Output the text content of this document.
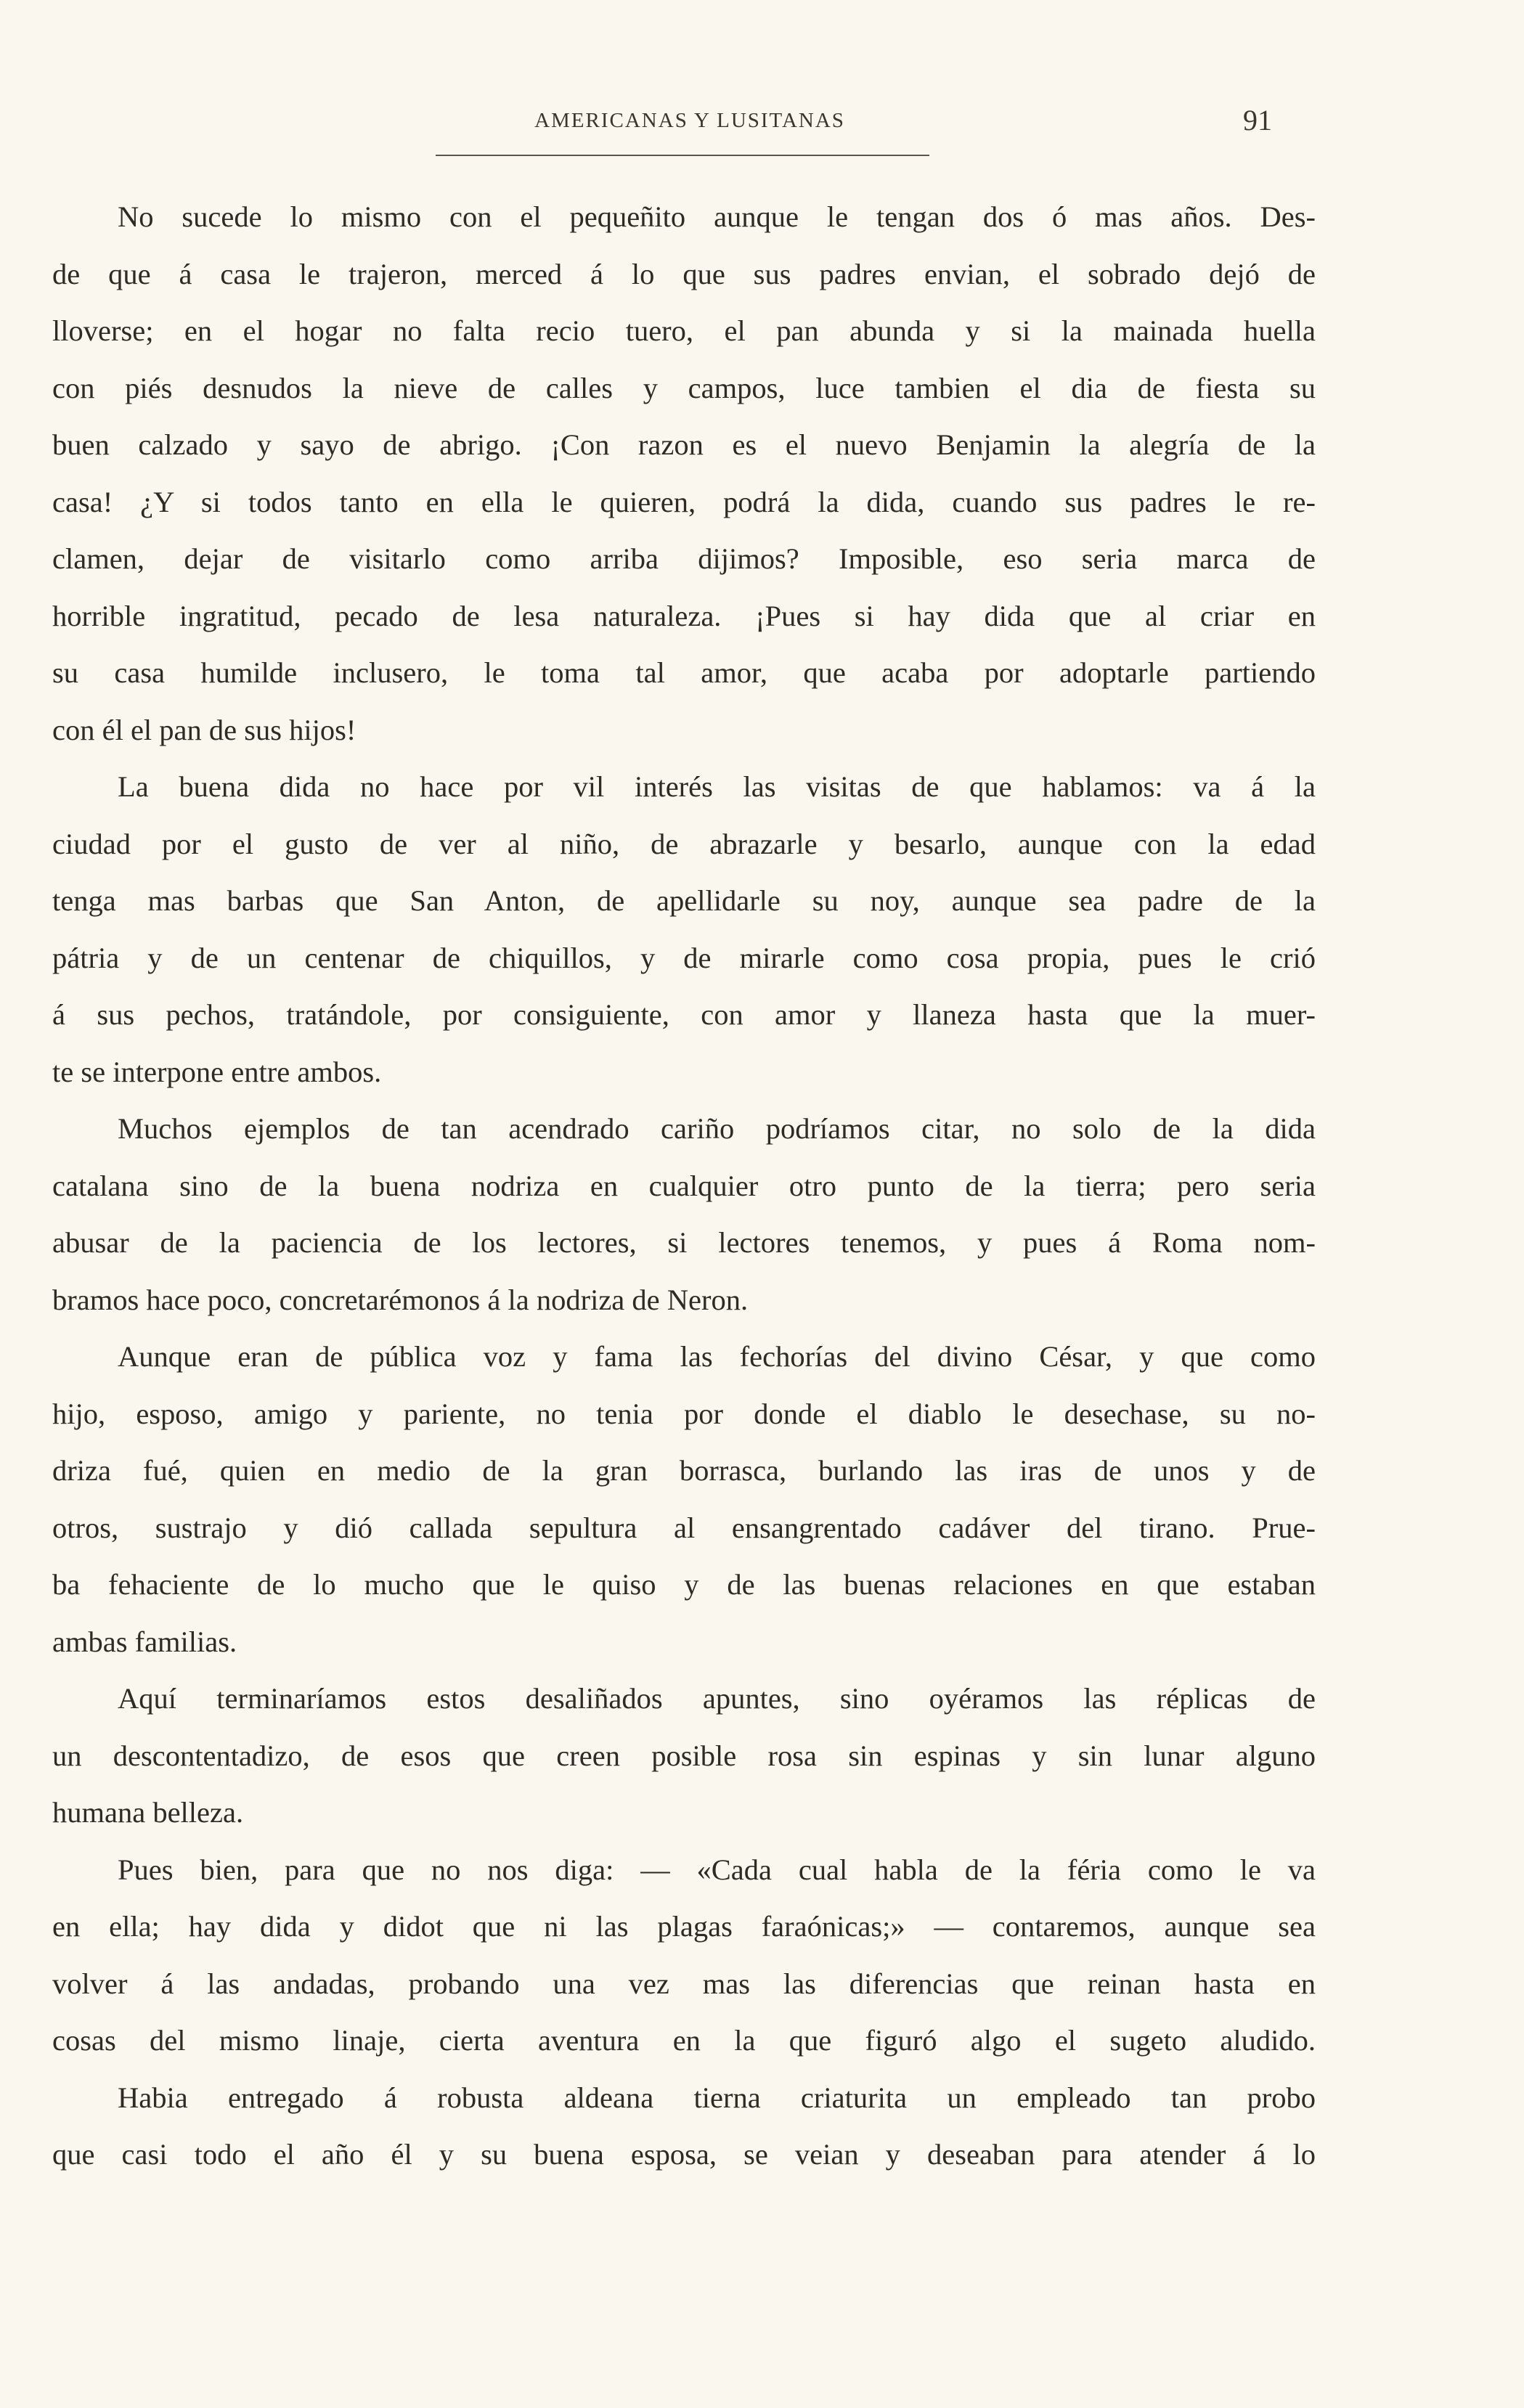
AMERICANAS Y LUSITANAS	91
No sucede lo mismo con el pequeñito aunque le tengan dos ó mas años. Des-
de que á casa le trajeron, merced á lo que sus padres envian, el sobrado dejó de
lloverse; en el hogar no falta recio tuero, el pan abunda y si la mainada huella
con piés desnudos la nieve de calles y campos, luce tambien el dia de fiesta su
buen calzado y sayo de abrigo. ¡Con razon es el nuevo Benjamin la alegría de la
casa! ¿Y si todos tanto en ella le quieren, podrá la dida, cuando sus padres le re-
clamen, dejar de visitarlo como arriba dijimos? Imposible, eso seria marca de
horrible ingratitud, pecado de lesa naturaleza. ¡Pues si hay dida que al criar en
su casa humilde inclusero, le toma tal amor, que acaba por adoptarle partiendo
con él el pan de sus hijos!
La buena dida no hace por vil interés las visitas de que hablamos: va á la
ciudad por el gusto de ver al niño, de abrazarle y besarlo, aunque con la edad
tenga mas barbas que San Anton, de apellidarle su noy, aunque sea padre de la
pátria y de un centenar de chiquillos, y de mirarle como cosa propia, pues le crió
á sus pechos, tratándole, por consiguiente, con amor y llaneza hasta que la muer-
te se interpone entre ambos.
Muchos ejemplos de tan acendrado cariño podríamos citar, no solo de la dida
catalana sino de la buena nodriza en cualquier otro punto de la tierra; pero seria
abusar de la paciencia de los lectores, si lectores tenemos, y pues á Roma nom-
bramos hace poco, concretarémonos á la nodriza de Neron.
Aunque eran de pública voz y fama las fechorías del divino César, y que como
hijo, esposo, amigo y pariente, no tenia por donde el diablo le desechase, su no-
driza fué, quien en medio de la gran borrasca, burlando las iras de unos y de
otros, sustrajo y dió callada sepultura al ensangrentado cadáver del tirano. Prue-
ba fehaciente de lo mucho que le quiso y de las buenas relaciones en que estaban
ambas familias.
Aquí terminaríamos estos desaliñados apuntes, sino oyéramos las réplicas de
un descontentadizo, de esos que creen posible rosa sin espinas y sin lunar alguno
humana belleza.
Pues bien, para que no nos diga: — «Cada cual habla de la féria como le va
en ella; hay dida y didot que ni las plagas faraónicas;» — contaremos, aunque sea
volver á las andadas, probando una vez mas las diferencias que reinan hasta en
cosas del mismo linaje, cierta aventura en la que figuró algo el sugeto aludido.
Habia entregado á robusta aldeana tierna criaturita un empleado tan probo
que casi todo el año él y su buena esposa, se veian y deseaban para atender á lo
